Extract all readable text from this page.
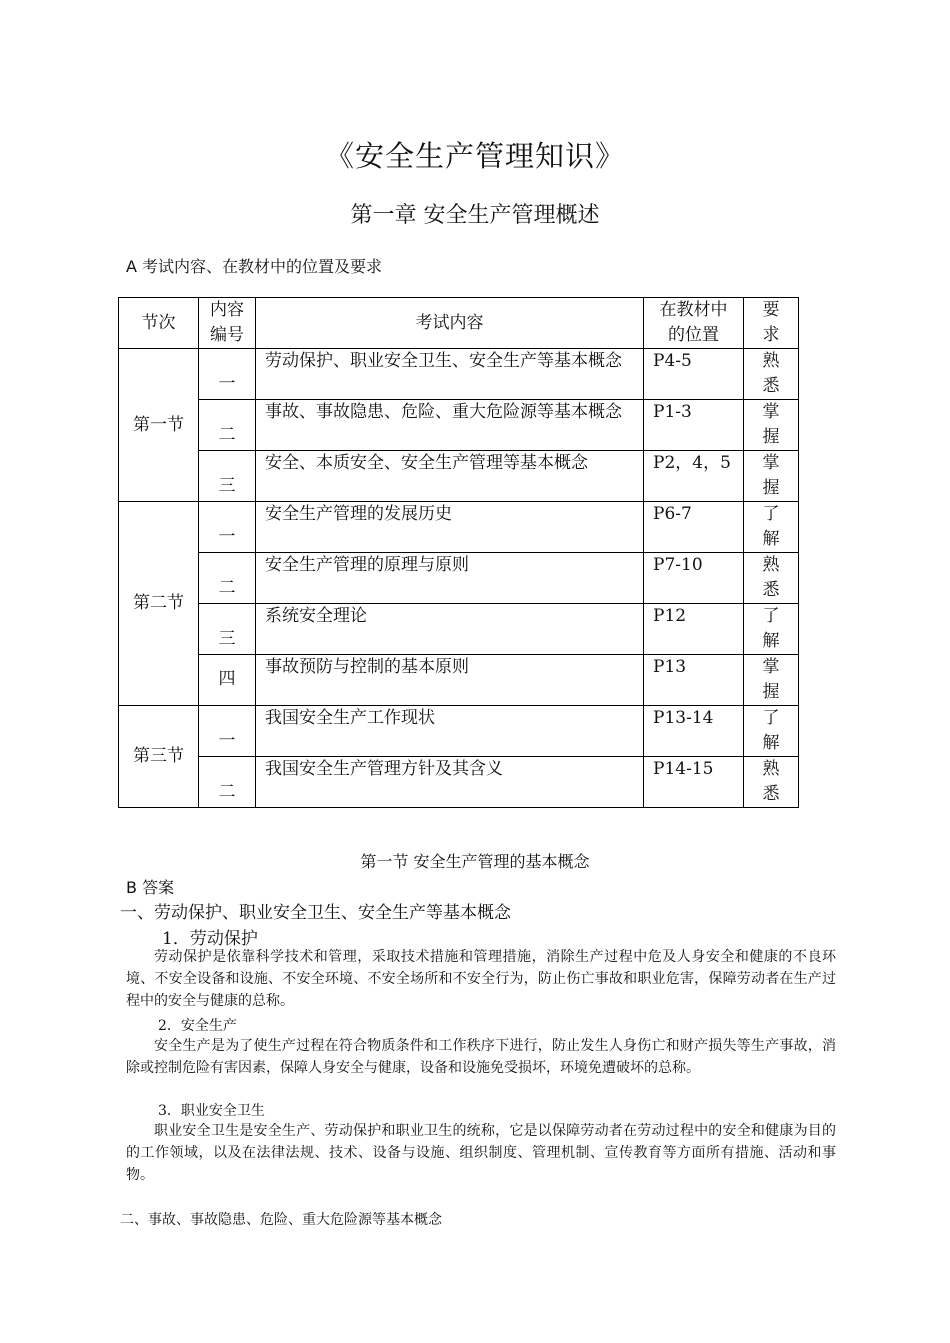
《安全生产管理知识》
第一章 安全生产管理概述
A 考试内容、在教材中的位置及要求
节次	内容编号	考试内容	在教材中的位置	要求
第一节	一	劳动保护、职业安全卫生、安全生产等基本概念	P4-5	熟悉

	二	事故、事故隐患、危险、重大危险源等基本概念	P1-3	掌握

	三	安全、本质安全、安全生产管理等基本概念	P2，4，5	掌握
第二节	一	安全生产管理的发展历史	P6-7	了解

	二	安全生产管理的原理与原则	P7-10	熟悉

	三	系统安全理论	P12	了解

	四	事故预防与控制的基本原则	P13	掌握
第三节	一	我国安全生产工作现状	P13-14	了解

	二	我国安全生产管理方针及其含义	P14-15	熟悉
第一节 安全生产管理的基本概念
B 答案
一、劳动保护、职业安全卫生、安全生产等基本概念
1．劳动保护
劳动保护是依靠科学技术和管理，采取技术措施和管理措施，消除生产过程中危及人身安全和健康的不良环境、不安全设备和设施、不安全环境、不安全场所和不安全行为，防止伤亡事故和职业危害，保障劳动者在生产过程中的安全与健康的总称。
2．安全生产
安全生产是为了使生产过程在符合物质条件和工作秩序下进行，防止发生人身伤亡和财产损失等生产事故，消除或控制危险有害因素，保障人身安全与健康，设备和设施免受损坏，环境免遭破坏的总称。
3．职业安全卫生
职业安全卫生是安全生产、劳动保护和职业卫生的统称，它是以保障劳动者在劳动过程中的安全和健康为目的的工作领域，以及在法律法规、技术、设备与设施、组织制度、管理机制、宣传教育等方面所有措施、活动和事物。
二、事故、事故隐患、危险、重大危险源等基本概念
